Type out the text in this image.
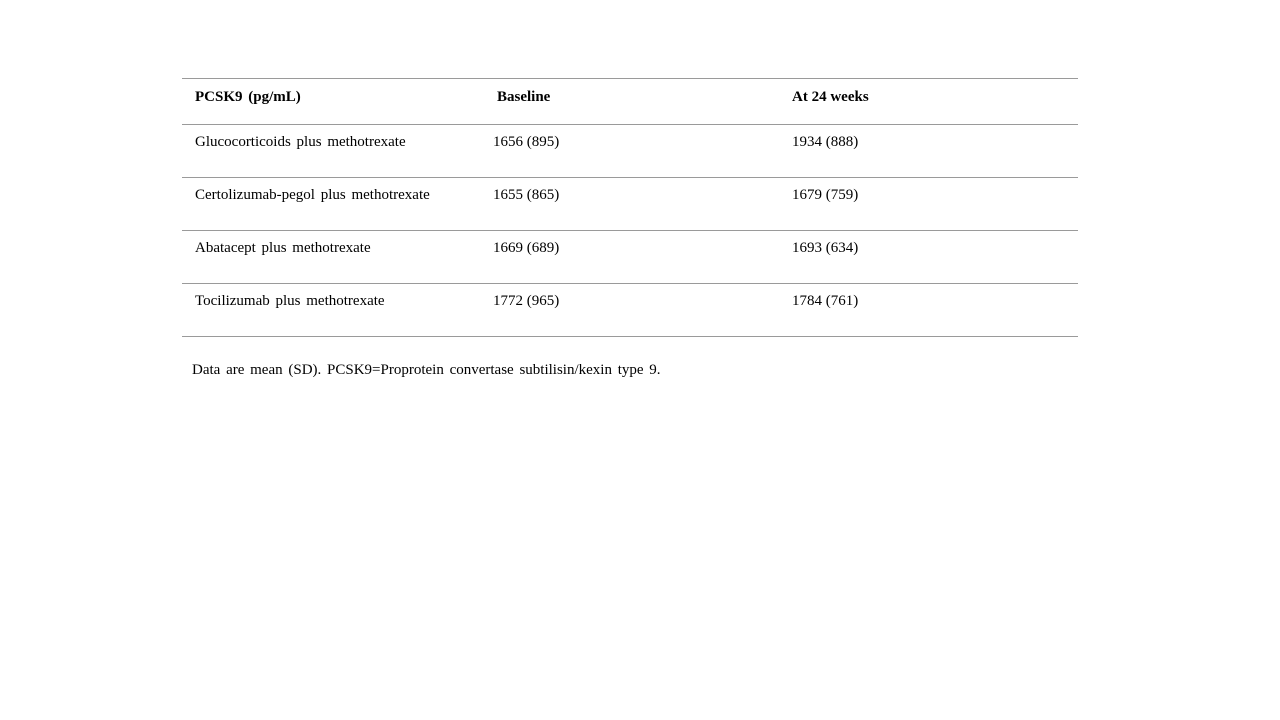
PCSK9 (pg/mL)	Baseline	At 24 weeks
Glucocorticoids plus methotrexate	1656 (895)	1934 (888)
Certolizumab-pegol plus methotrexate	1655 (865)	1679 (759)
Abatacept plus methotrexate	1669 (689)	1693 (634)
Tocilizumab plus methotrexate	1772 (965)	1784 (761)
Data are mean (SD). PCSK9=Proprotein convertase subtilisin/kexin type 9.
